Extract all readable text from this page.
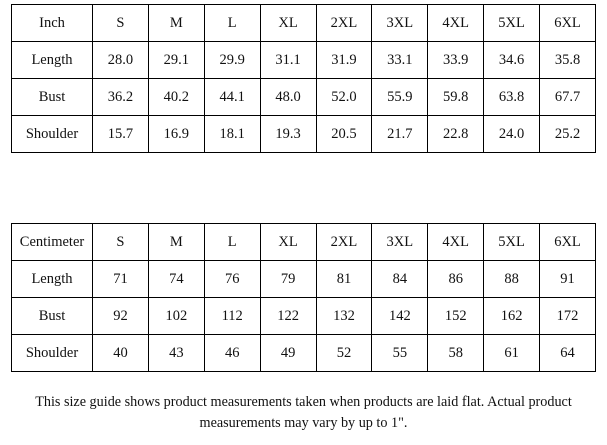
Inch	S	M	L	XL	2XL	3XL	4XL	5XL	6XL
Length	28.0	29.1	29.9	31.1	31.9	33.1	33.9	34.6	35.8
Bust	36.2	40.2	44.1	48.0	52.0	55.9	59.8	63.8	67.7
Shoulder	15.7	16.9	18.1	19.3	20.5	21.7	22.8	24.0	25.2
Centimeter	S	M	L	XL	2XL	3XL	4XL	5XL	6XL
Length	71	74	76	79	81	84	86	88	91
Bust	92	102	112	122	132	142	152	162	172
Shoulder	40	43	46	49	52	55	58	61	64
This size guide shows product measurements taken when products are laid flat. Actual product
measurements may vary by up to 1".
